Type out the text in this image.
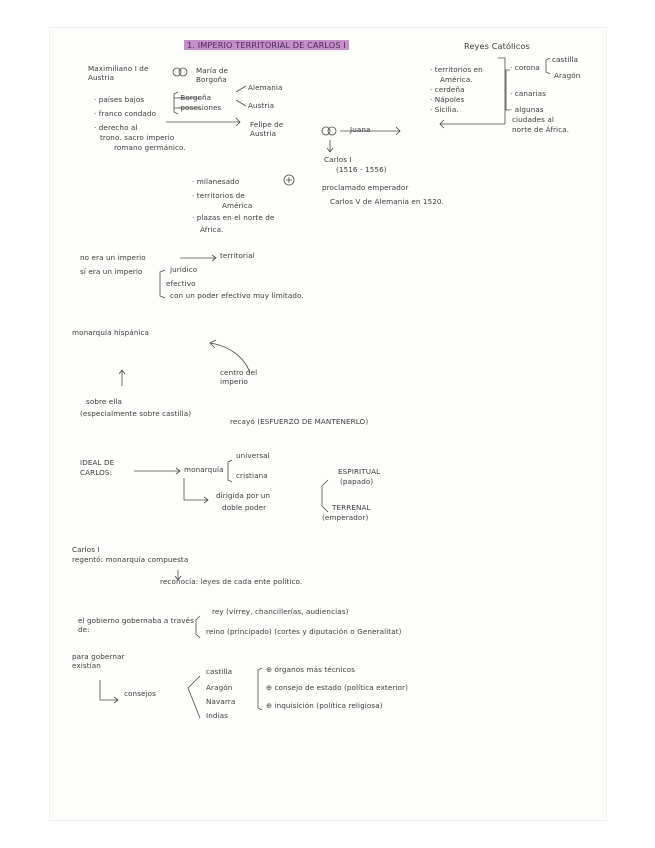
1. IMPERIO TERRITORIAL DE CARLOS I	Reyes Católicos
Maximiliano I de Austria
María de Borgoña
· países bajos
· franco condado
· derecho al
trono. sacro imperio
romano germánico.
·Borgoña
·posesiones
Alemania
Austria
Felipe de Austria	Juana
Carlos I
(1516 - 1556)
proclamado emperador
Carlos V de Alemania en 1520.
· milanesado
· territorios de
América
· plazas en el norte de
África.
· territorios en
América.
· cerdeña
· Nápoles
· Sicilia.
· corona
castilla
Aragón
· canarias
· algunas
ciudades al
norte de África.
no era un imperio	territorial
sí era un imperio	jurídico
efectivo
con un poder efectivo muy limitado.
monarquía hispánica
centro del imperio
sobre ella
(especialmente sobre castilla)
recayó (ESFUERZO DE MANTENERLO)
IDEAL DE CARLOS:	monarquía
universal
cristiana
dirigida por un
doble poder
ESPIRITUAL
(papado)
TERRENAL
(emperador)
Carlos I
regentó: monarquía compuesta
reconocía: leyes de cada ente político.
el gobierno gobernaba a través de:
rey (virrey, chancillerías, audiencias)
reino (principado) (cortes y diputación o Generalitat)
para gobernar existían
consejos
castilla
Aragón
Navarra
Indias
⊕ órganos más técnicos
⊕ consejo de estado (política exterior)
⊕ inquisición (política religiosa)
